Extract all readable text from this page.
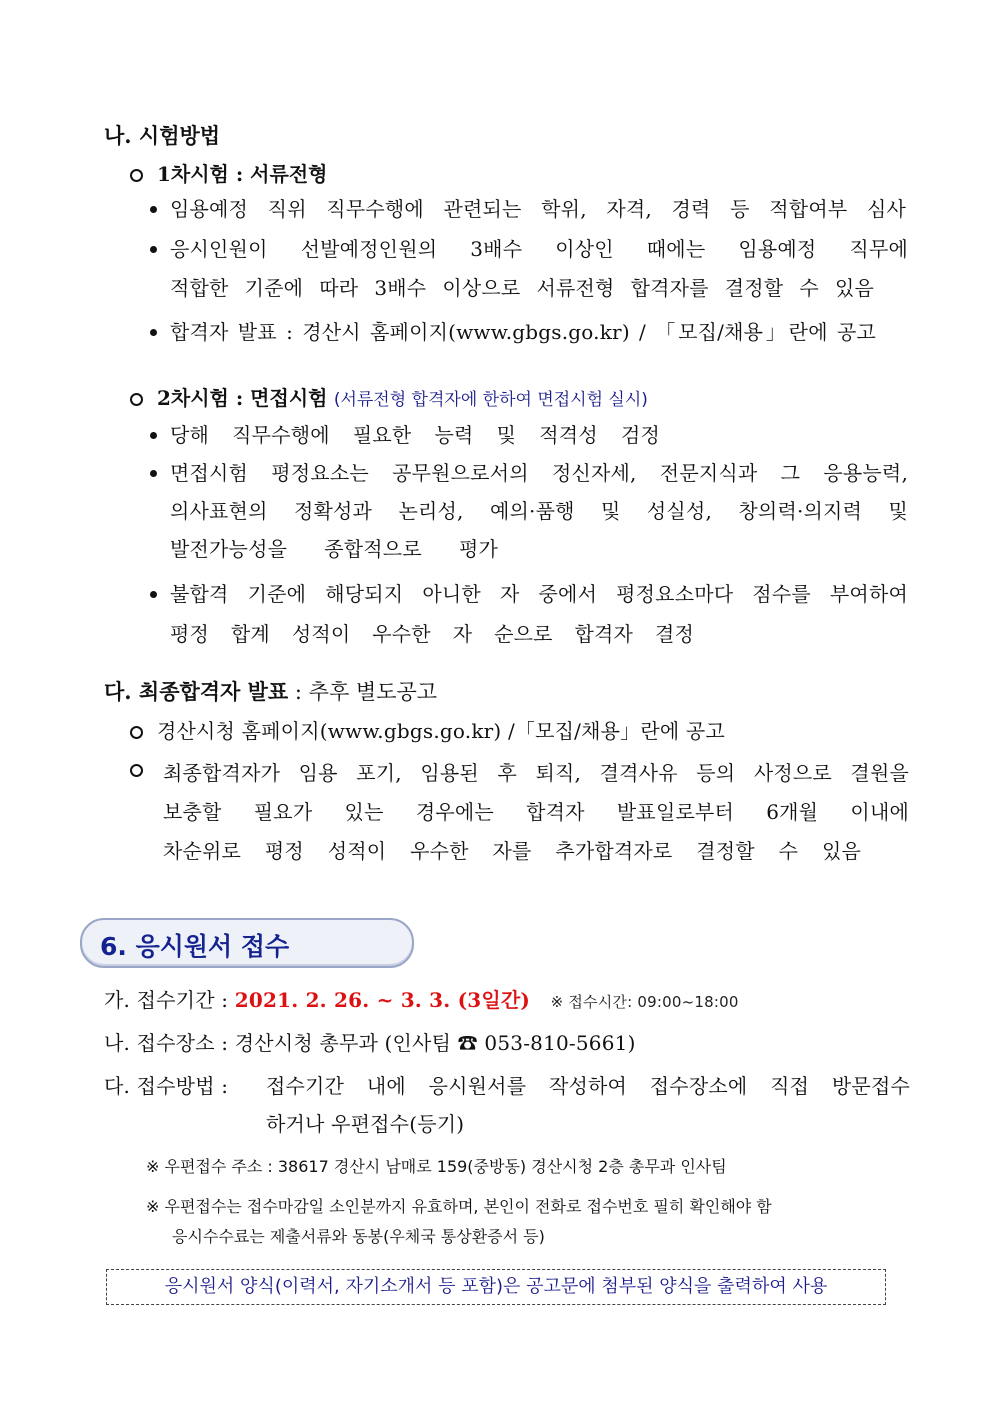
나. 시험방법
1차시험 : 서류전형
임용예정 직위 직무수행에 관련되는 학위, 자격, 경력 등 적합여부 심사
응시인원이 선발예정인원의 3배수 이상인 때에는 임용예정 직무에
적합한 기준에 따라 3배수 이상으로 서류전형 합격자를 결정할 수 있음
합격자 발표 : 경산시 홈페이지(www.gbgs.go.kr) / 「모집/채용」란에 공고
2차시험 : 면접시험 (서류전형 합격자에 한하여 면접시험 실시)
당해 직무수행에 필요한 능력 및 적격성 검정
면접시험 평정요소는 공무원으로서의 정신자세, 전문지식과 그 응용능력,
의사표현의 정확성과 논리성, 예의·품행 및 성실성, 창의력·의지력 및
발전가능성을 종합적으로 평가
불합격 기준에 해당되지 아니한 자 중에서 평정요소마다 점수를 부여하여
평정 합계 성적이 우수한 자 순으로 합격자 결정
다. 최종합격자 발표 : 추후 별도공고
경산시청 홈페이지(www.gbgs.go.kr) /「모집/채용」란에 공고
최종합격자가 임용 포기, 임용된 후 퇴직, 결격사유 등의 사정으로 결원을
보충할 필요가 있는 경우에는 합격자 발표일로부터 6개월 이내에
차순위로 평정 성적이 우수한 자를 추가합격자로 결정할 수 있음
6. 응시원서 접수
가. 접수기간 : 2021. 2. 26. ~ 3. 3. (3일간) ※ 접수시간: 09:00~18:00
나. 접수장소 : 경산시청 총무과 (인사팀 ☎ 053-810-5661)
다. 접수방법 : 접수기간 내에 응시원서를 작성하여 접수장소에 직접 방문접수
하거나 우편접수(등기)
※ 우편접수 주소 : 38617 경산시 남매로 159(중방동) 경산시청 2층 총무과 인사팀
※ 우편접수는 접수마감일 소인분까지 유효하며, 본인이 전화로 접수번호 필히 확인해야 함
응시수수료는 제출서류와 동봉(우체국 통상환증서 등)
응시원서 양식(이력서, 자기소개서 등 포함)은 공고문에 첨부된 양식을 출력하여 사용
